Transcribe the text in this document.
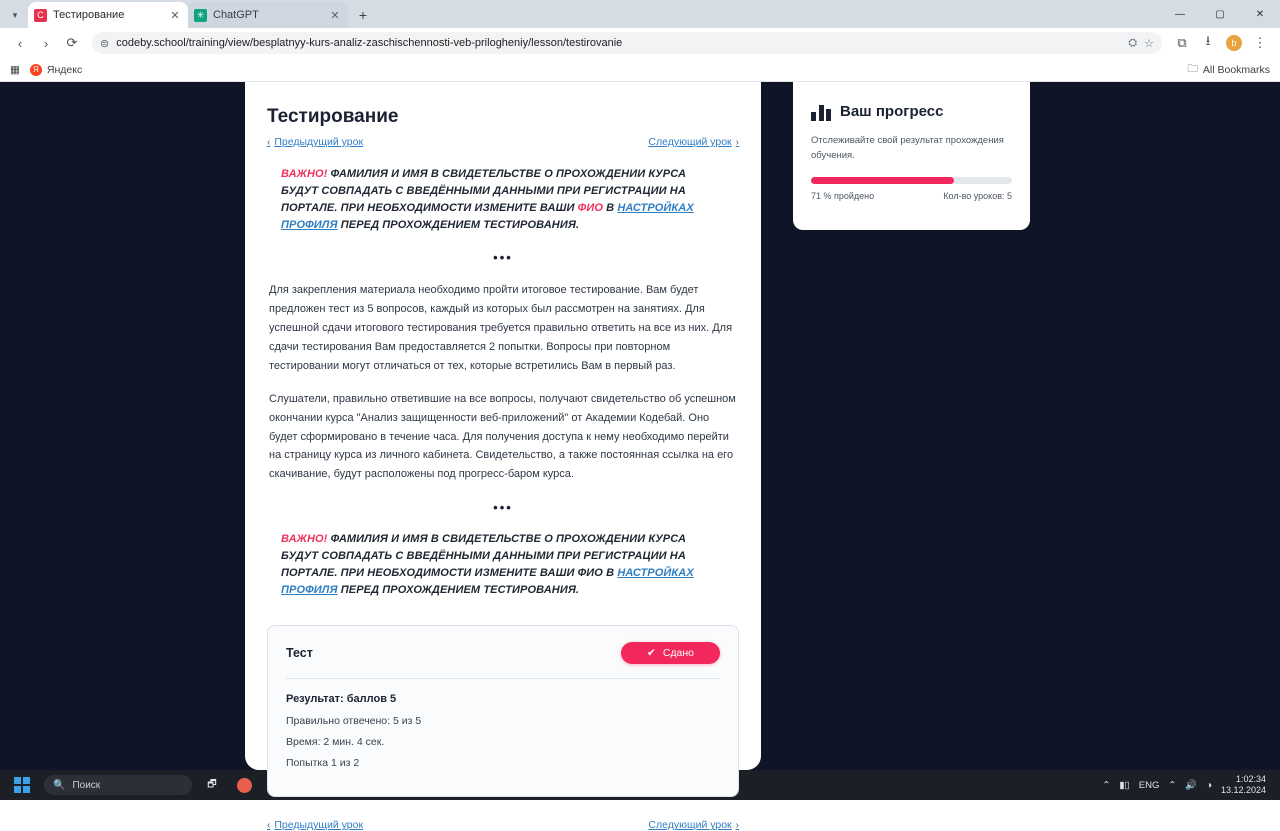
▾	C Тестирование	✕	✳ ChatGPT	✕	+	—	▢	✕
‹	›	⟳	⊜ codeby.school/training/view/besplatnyy-kurs-analiz-zaschischennosti-veb-prilogheniy/lesson/testirovanie	⛭ ☆	⧉	⭳	b	⋮
▦	Я Яндекс	🗀 All Bookmarks
Тестирование
‹ Предыдущий урок	Следующий урок ›
ВАЖНО! ФАМИЛИЯ И ИМЯ В СВИДЕТЕЛЬСТВЕ О ПРОХОЖДЕНИИ КУРСА БУДУТ СОВПАДАТЬ С ВВЕДЁННЫМИ ДАННЫМИ ПРИ РЕГИСТРАЦИИ НА ПОРТАЛЕ. ПРИ НЕОБХОДИМОСТИ ИЗМЕНИТЕ ВАШИ ФИО В НАСТРОЙКАХ ПРОФИЛЯ ПЕРЕД ПРОХОЖДЕНИЕМ ТЕСТИРОВАНИЯ.
•••

Для закрепления материала необходимо пройти итоговое тестирование. Вам будет предложен тест из 5 вопросов, каждый из которых был рассмотрен на занятиях. Для успешной сдачи итогового тестирования требуется правильно ответить на все из них. Для сдачи тестирования Вам предоставляется 2 попытки. Вопросы при повторном тестировании могут отличаться от тех, которые встретились Вам в первый раз.

Слушатели, правильно ответившие на все вопросы, получают свидетельство об успешном окончании курса "Анализ защищенности веб-приложений" от Академии Кодебай. Оно будет сформировано в течение часа. Для получения доступа к нему необходимо перейти на страницу курса из личного кабинета. Свидетельство, а также постоянная ссылка на его скачивание, будут расположены под прогресс-баром курса.

•••
ВАЖНО! ФАМИЛИЯ И ИМЯ В СВИДЕТЕЛЬСТВЕ О ПРОХОЖДЕНИИ КУРСА БУДУТ СОВПАДАТЬ С ВВЕДЁННЫМИ ДАННЫМИ ПРИ РЕГИСТРАЦИИ НА ПОРТАЛЕ. ПРИ НЕОБХОДИМОСТИ ИЗМЕНИТЕ ВАШИ ФИО В НАСТРОЙКАХ ПРОФИЛЯ ПЕРЕД ПРОХОЖДЕНИЕМ ТЕСТИРОВАНИЯ.
Тест	✔ Сдано
Результат: баллов 5
Правильно отвечено: 5 из 5
Время: 2 мин. 4 сек.
Попытка 1 из 2
‹ Предыдущий урок	Следующий урок ›
Ваш прогресс
Отслеживайте свой результат прохождения обучения.
71 % пройдено	Кол-во уроков: 5
🔍 Поиск	🗗	⌃ ▮▯ ENG ⌃ 🔊 ◑
1:02:34
13.12.2024
